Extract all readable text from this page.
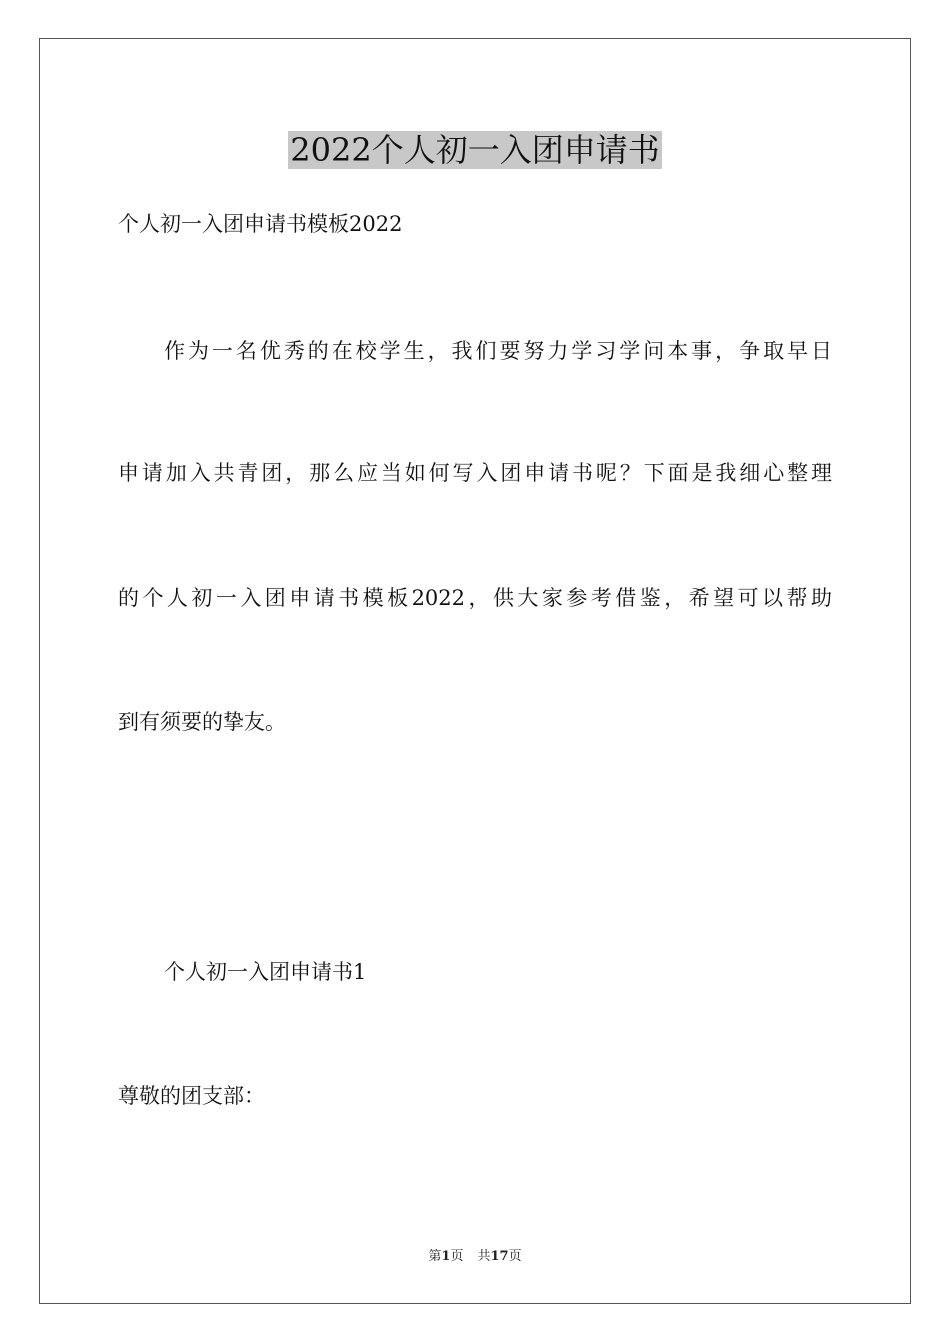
2022个人初一入团申请书

个人初一入团申请书模板2022

作为一名优秀的在校学生，我们要努力学习学问本事，争取早日

申请加入共青团，那么应当如何写入团申请书呢？下面是我细心整理

的个人初一入团申请书模板2022，供大家参考借鉴，希望可以帮助

到有须要的挚友。

个人初一入团申请书1

尊敬的团支部：

第1页 共17页
